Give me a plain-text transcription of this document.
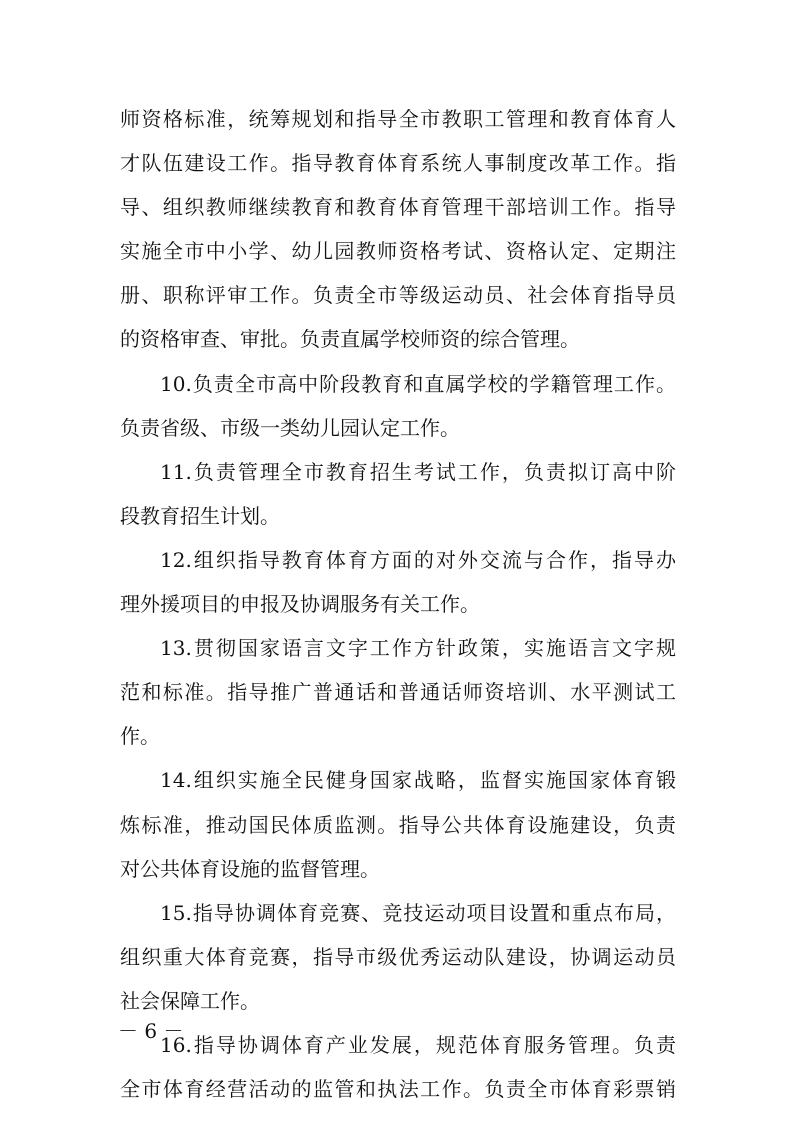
师资格标准，统筹规划和指导全市教职工管理和教育体育人
才队伍建设工作。指导教育体育系统人事制度改革工作。指
导、组织教师继续教育和教育体育管理干部培训工作。指导
实施全市中小学、幼儿园教师资格考试、资格认定、定期注
册、职称评审工作。负责全市等级运动员、社会体育指导员
的资格审查、审批。负责直属学校师资的综合管理。
10.负责全市高中阶段教育和直属学校的学籍管理工作。
负责省级、市级一类幼儿园认定工作。
11.负责管理全市教育招生考试工作，负责拟订高中阶
段教育招生计划。
12.组织指导教育体育方面的对外交流与合作，指导办
理外援项目的申报及协调服务有关工作。
13.贯彻国家语言文字工作方针政策，实施语言文字规
范和标准。指导推广普通话和普通话师资培训、水平测试工
作。
14.组织实施全民健身国家战略，监督实施国家体育锻
炼标准，推动国民体质监测。指导公共体育设施建设，负责
对公共体育设施的监督管理。
15.指导协调体育竞赛、竞技运动项目设置和重点布局，
组织重大体育竞赛，指导市级优秀运动队建设，协调运动员
社会保障工作。
16.指导协调体育产业发展，规范体育服务管理。负责
全市体育经营活动的监管和执法工作。负责全市体育彩票销
－ 6 －
